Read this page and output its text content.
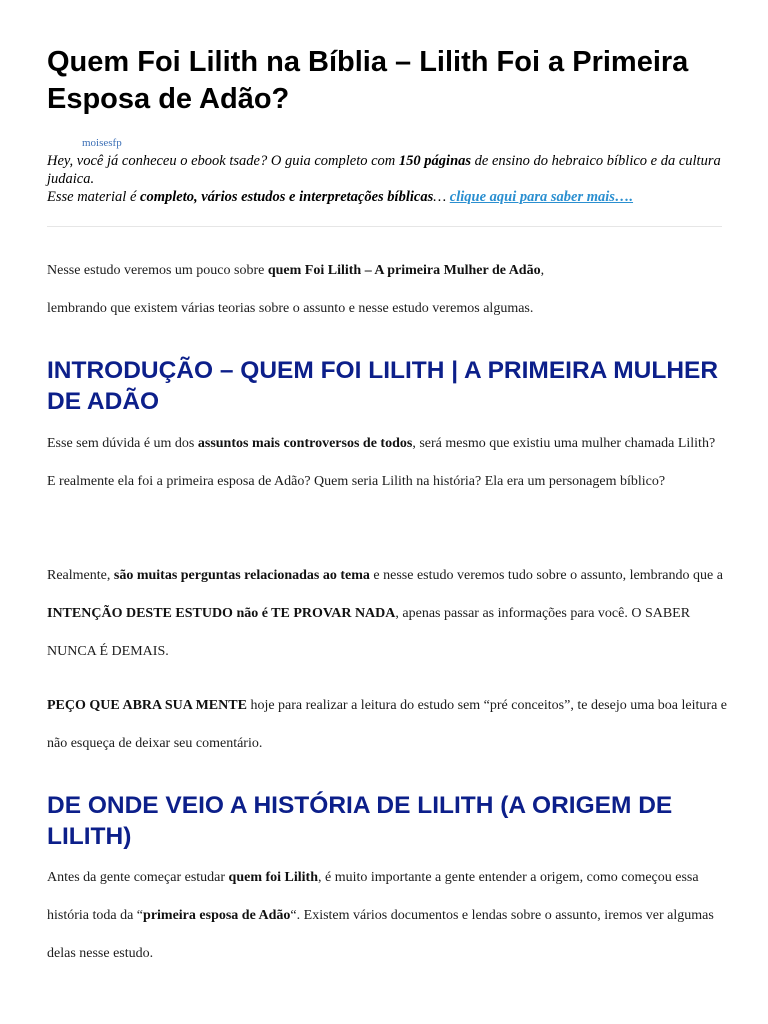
Quem Foi Lilith na Bíblia – Lilith Foi a Primeira Esposa de Adão?
moisesfp
Hey, você já conheceu o ebook tsade? O guia completo com 150 páginas de ensino do hebraico bíblico e da cultura judaica.
Esse material é completo, vários estudos e interpretações bíblicas… clique aqui para saber mais….

Nesse estudo veremos um pouco sobre quem Foi Lilith – A primeira Mulher de Adão,
lembrando que existem várias teorias sobre o assunto e nesse estudo veremos algumas.

INTRODUÇÃO – QUEM FOI LILITH | A PRIMEIRA MULHER DE ADÃO

Esse sem dúvida é um dos assuntos mais controversos de todos, será mesmo que existiu uma mulher chamada Lilith? E realmente ela foi a primeira esposa de Adão? Quem seria Lilith na história? Ela era um personagem bíblico?

Realmente, são muitas perguntas relacionadas ao tema e nesse estudo veremos tudo sobre o assunto, lembrando que a INTENÇÃO DESTE ESTUDO não é TE PROVAR NADA, apenas passar as informações para você. O SABER NUNCA É DEMAIS.

PEÇO QUE ABRA SUA MENTE hoje para realizar a leitura do estudo sem “pré conceitos”, te desejo uma boa leitura e não esqueça de deixar seu comentário.

DE ONDE VEIO A HISTÓRIA DE LILITH (A ORIGEM DE LILITH)

Antes da gente começar estudar quem foi Lilith, é muito importante a gente entender a origem, como começou essa história toda da “primeira esposa de Adão“. Existem vários documentos e lendas sobre o assunto, iremos ver algumas delas nesse estudo.
